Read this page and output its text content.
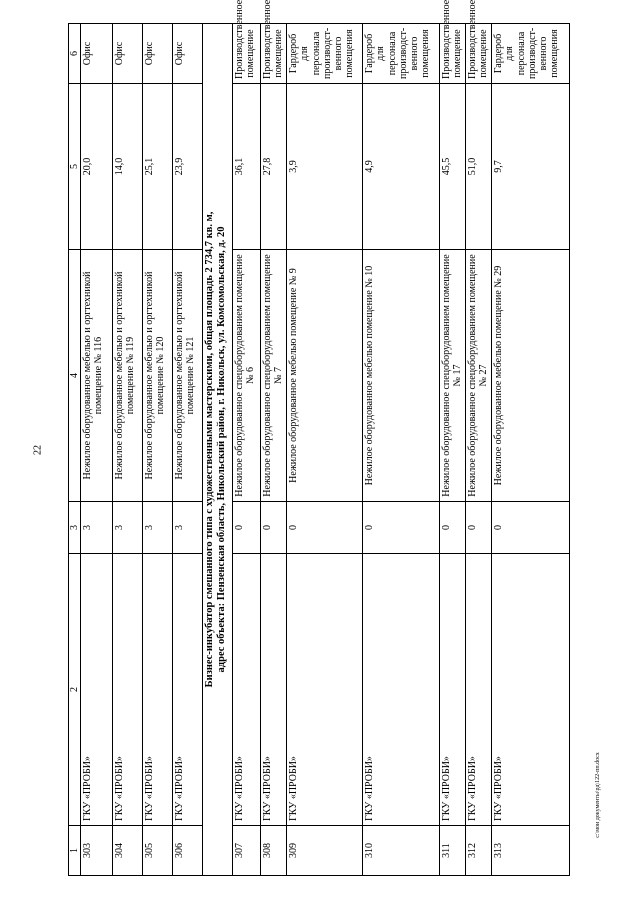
22
c:\мои документы\рд\122-пп.docx
1	2	3	4	5	6
303	ГКУ «ПРОБИ»	3	Нежилое оборудованное мебелью и оргтехникой помещение № 116	20,0	Офис
304	ГКУ «ПРОБИ»	3	Нежилое оборудованное мебелью и оргтехникой помещение № 119	14,0	Офис
305	ГКУ «ПРОБИ»	3	Нежилое оборудованное мебелью и оргтехникой помещение № 120	25,1	Офис
306	ГКУ «ПРОБИ»	3	Нежилое оборудованное мебелью и оргтехникой помещение № 121	23,9	Офис

Бизнес-инкубатор смешанного типа с художественными мастерскими, общая площадь 2 734,7 кв. м, адрес объекта: Пензенская область, Никольский район, г. Никольск, ул. Комсомольская, д. 20					

307	ГКУ «ПРОБИ»	0	Нежилое оборудованное спецоборудованием помещение № 6	36,1	Производственное помещение
308	ГКУ «ПРОБИ»	0	Нежилое оборудованное спецоборудованием помещение № 7	27,8	Производственное помещение
309	ГКУ «ПРОБИ»	0	Нежилое оборудованное мебелью помещение № 9	3,9	Гардероб для персонала производст-венного помещения
310	ГКУ «ПРОБИ»	0	Нежилое оборудованное мебелью помещение № 10	4,9	Гардероб для персонала производст-венного помещения
311	ГКУ «ПРОБИ»	0	Нежилое оборудованное спецоборудованием помещение № 17	45,5	Производственное помещение
312	ГКУ «ПРОБИ»	0	Нежилое оборудованное спецоборудованием помещение № 27	51,0	Производственное помещение
313	ГКУ «ПРОБИ»	0	Нежилое оборудованное мебелью помещение № 29	9,7	Гардероб для персонала производст-венного помещения
